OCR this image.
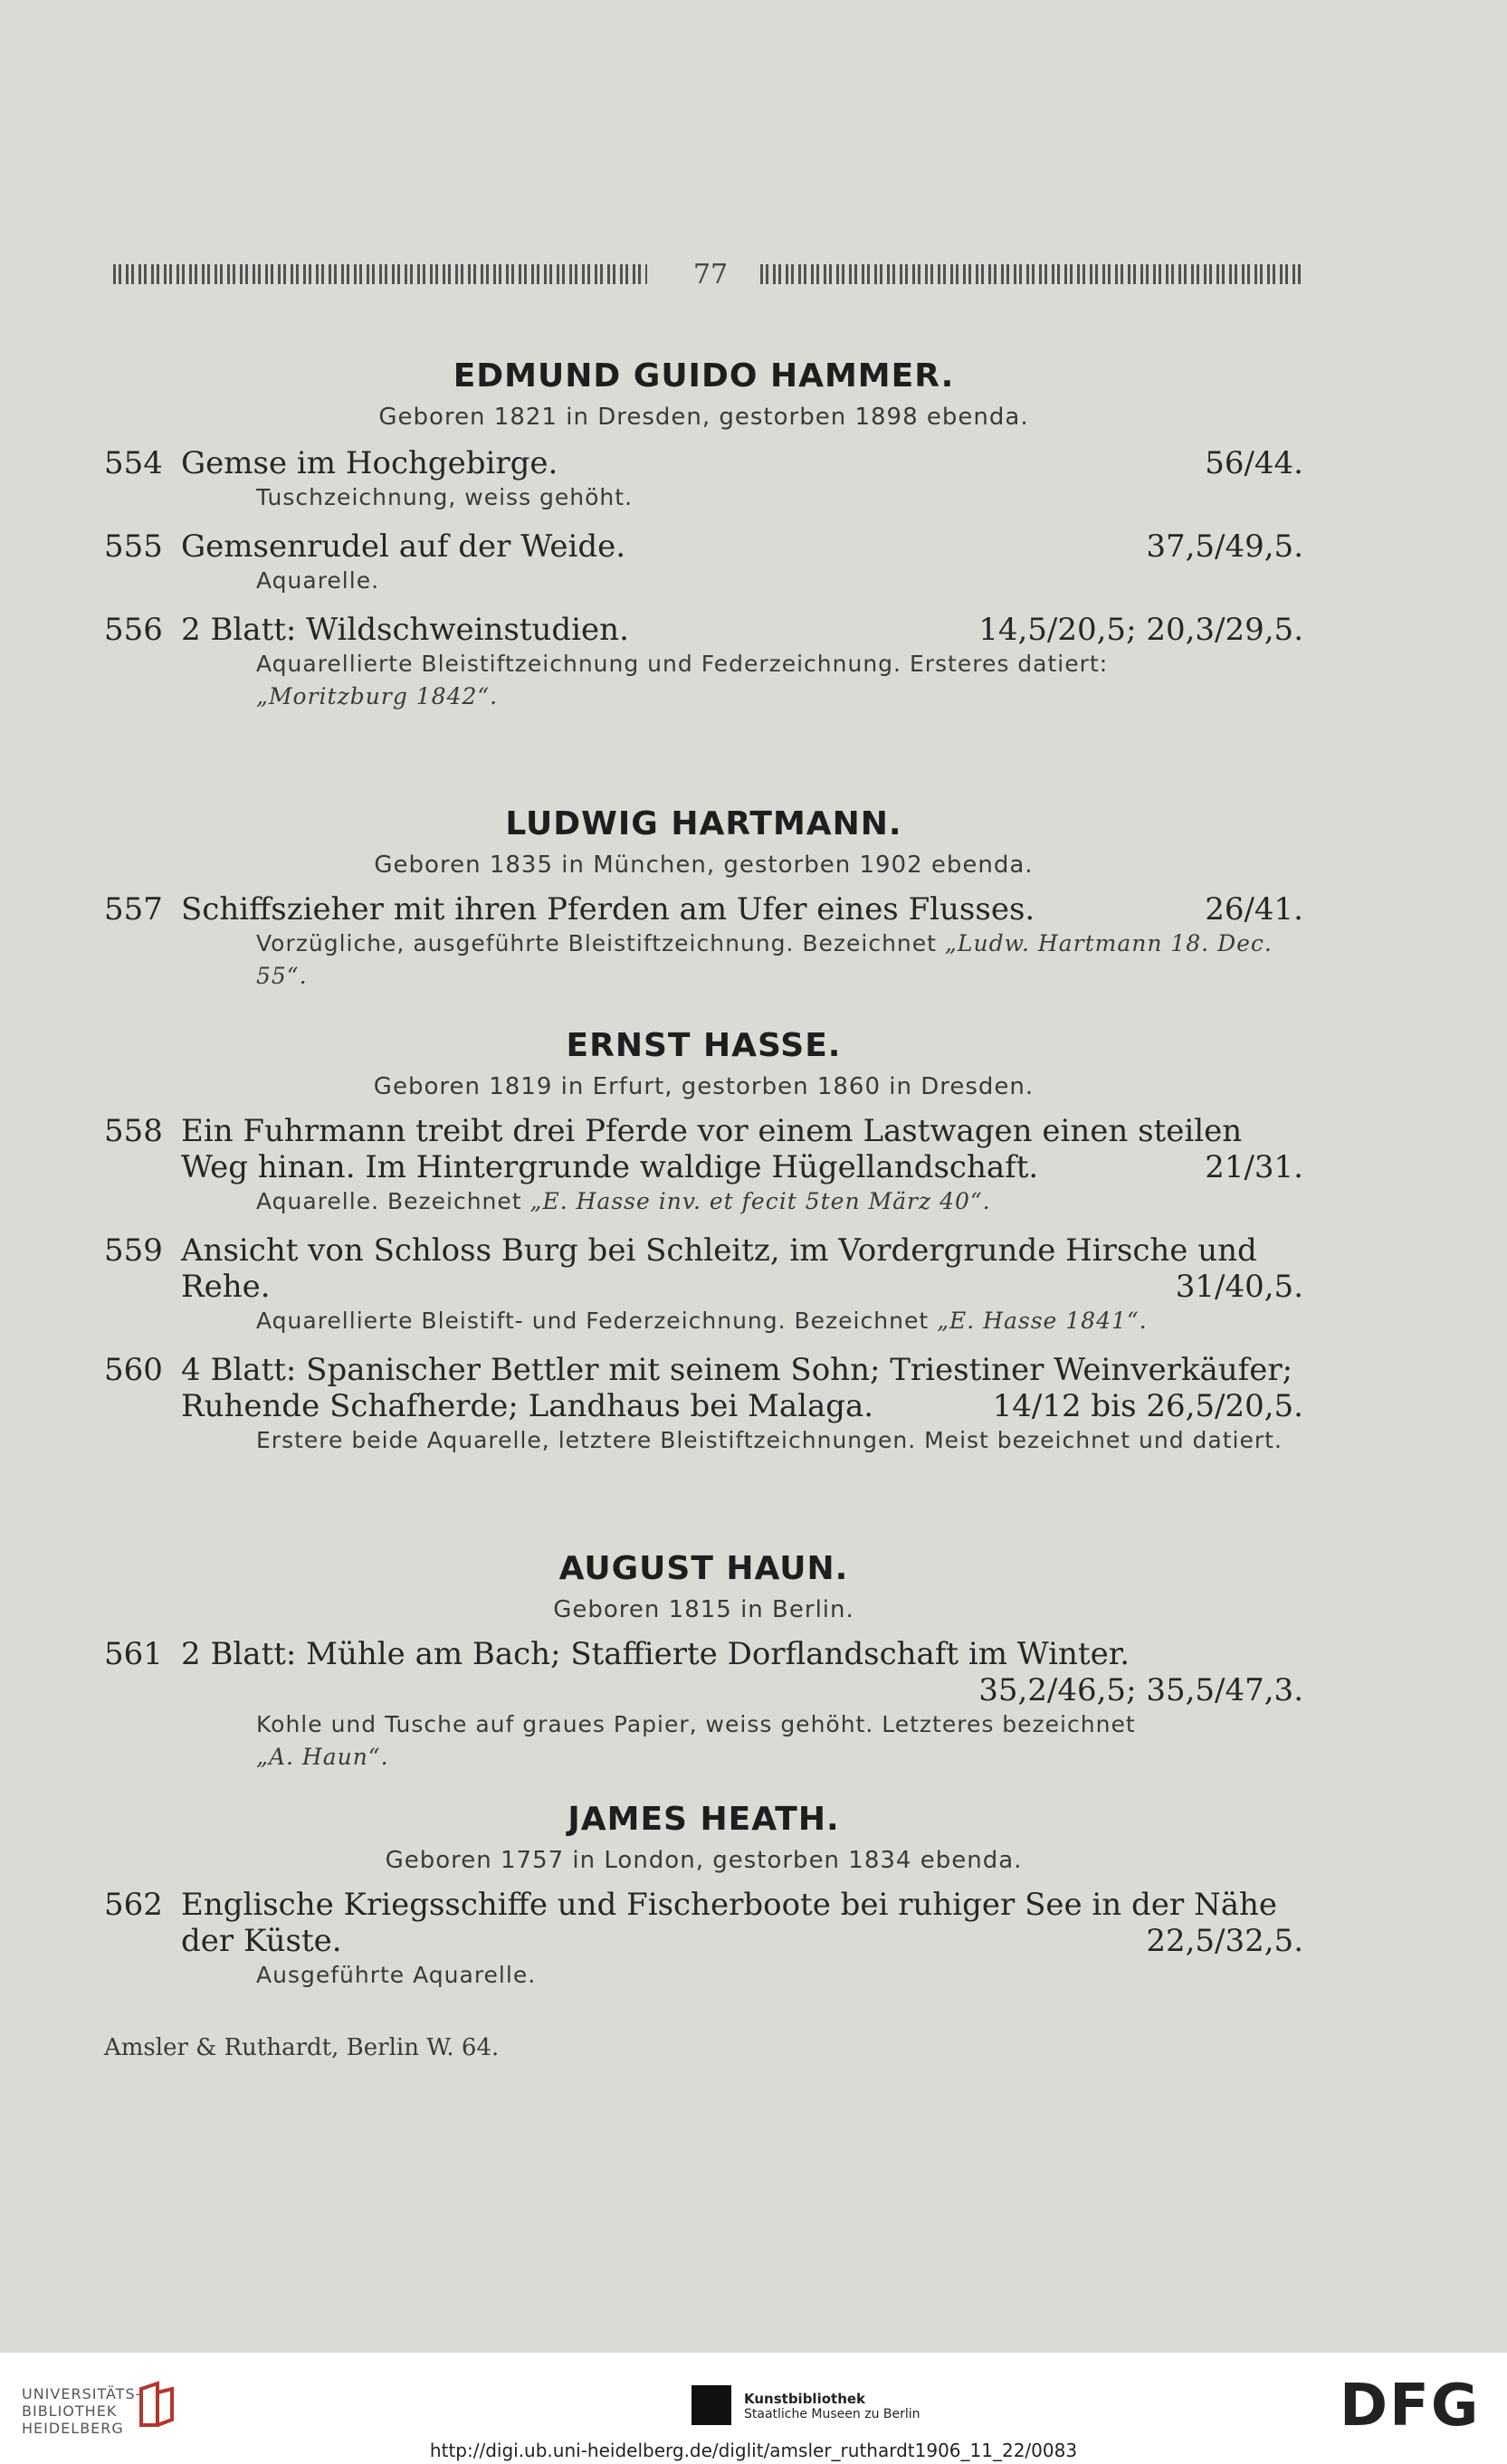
77
EDMUND GUIDO HAMMER.
Geboren 1821 in Dresden, gestorben 1898 ebenda.
554 Gemse im Hochgebirge.	56/44.
Tuschzeichnung, weiss gehöht.
555 Gemsenrudel auf der Weide.	37,5/49,5.
Aquarelle.
556 2 Blatt: Wildschweinstudien.	14,5/20,5; 20,3/29,5.
Aquarellierte Bleistiftzeichnung und Federzeichnung. Ersteres datiert:
„Moritzburg 1842“.
LUDWIG HARTMANN.
Geboren 1835 in München, gestorben 1902 ebenda.
557 Schiffszieher mit ihren Pferden am Ufer eines Flusses.	26/41.
Vorzügliche, ausgeführte Bleistiftzeichnung. Bezeichnet „Ludw. Hartmann 18. Dec. 55“.
ERNST HASSE.
Geboren 1819 in Erfurt, gestorben 1860 in Dresden.
558 Ein Fuhrmann treibt drei Pferde vor einem Lastwagen einen steilen Weg hinan. Im Hintergrunde waldige Hügellandschaft.	21/31.
Aquarelle. Bezeichnet „E. Hasse inv. et fecit 5ten März 40“.
559 Ansicht von Schloss Burg bei Schleitz, im Vordergrunde Hirsche und Rehe.	31/40,5.
Aquarellierte Bleistift- und Federzeichnung. Bezeichnet „E. Hasse 1841“.
560 4 Blatt: Spanischer Bettler mit seinem Sohn; Triestiner Weinverkäufer; Ruhende Schafherde; Landhaus bei Malaga.	14/12 bis 26,5/20,5.
Erstere beide Aquarelle, letztere Bleistiftzeichnungen. Meist bezeichnet und datiert.
AUGUST HAUN.
Geboren 1815 in Berlin.
561 2 Blatt: Mühle am Bach; Staffierte Dorflandschaft im Winter.
35,2/46,5; 35,5/47,3.
Kohle und Tusche auf graues Papier, weiss gehöht. Letzteres bezeichnet
„A. Haun“.
JAMES HEATH.
Geboren 1757 in London, gestorben 1834 ebenda.
562 Englische Kriegsschiffe und Fischerboote bei ruhiger See in der Nähe der Küste.	22,5/32,5.
Ausgeführte Aquarelle.
Amsler & Ruthardt, Berlin W. 64.
UNIVERSITÄTS-
BIBLIOTHEK
HEIDELBERG
Kunstbibliothek
Staatliche Museen zu Berlin	DFG
http://digi.ub.uni-heidelberg.de/diglit/amsler_ruthardt1906_11_22/0083
